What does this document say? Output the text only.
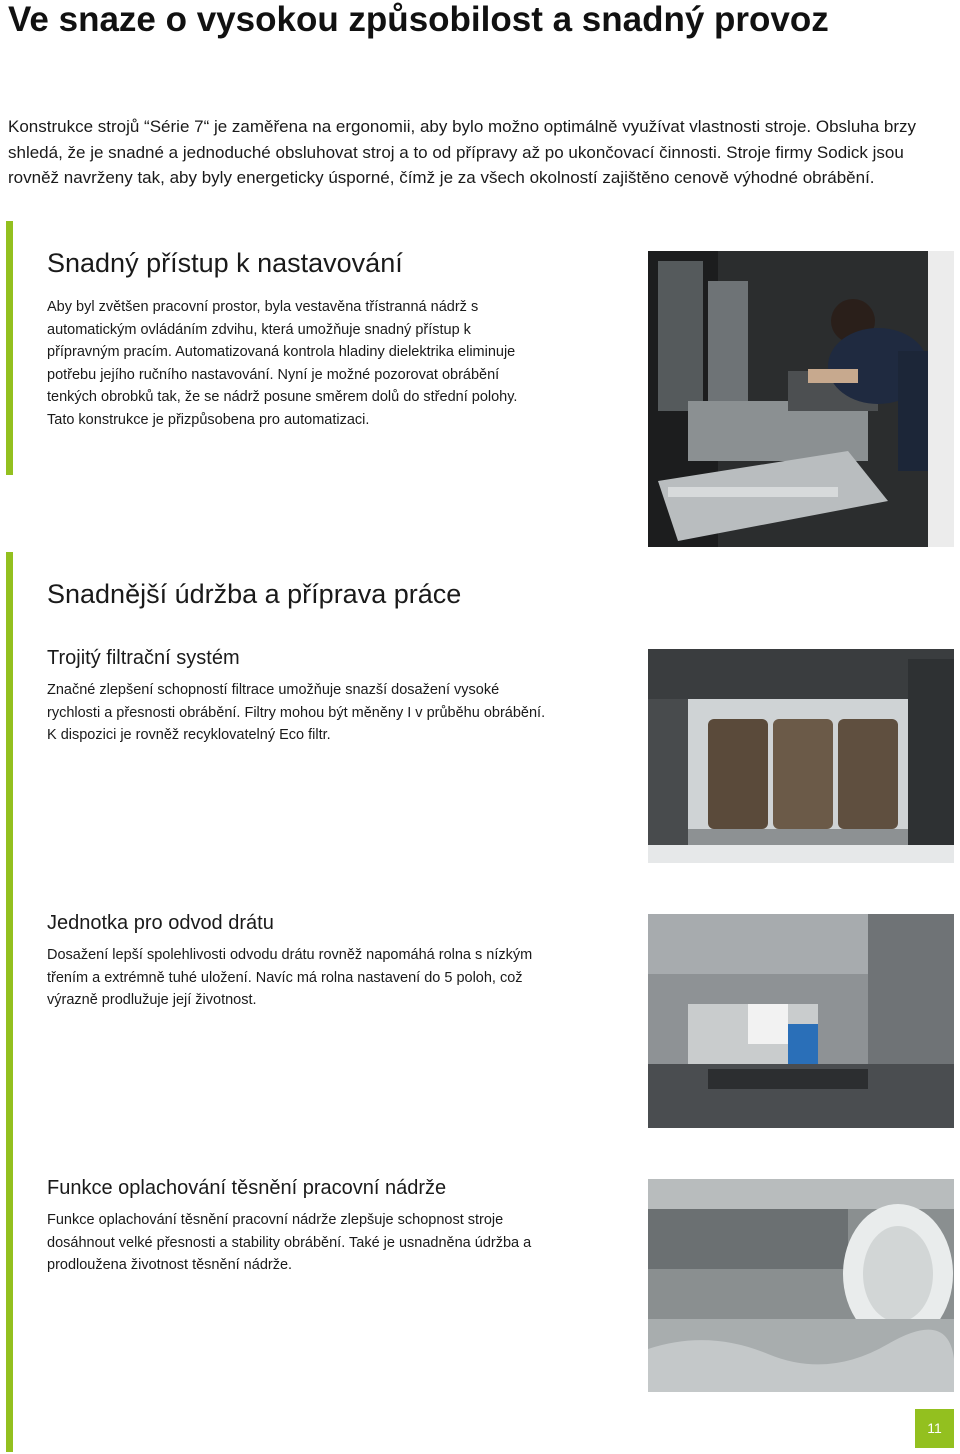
Ve snaze o vysokou způsobilost a snadný provoz

Konstrukce strojů “Série 7“ je zaměřena na ergonomii, aby bylo možno optimálně využívat vlastnosti stroje. Obsluha brzy shledá, že je snadné a jednoduché obsluhovat stroj a to od přípravy až po ukončovací činnosti. Stroje firmy Sodick jsou rovněž navrženy tak, aby byly energeticky úsporné, čímž je za všech okolností zajištěno cenově výhodné obrábění.

Snadný přístup k nastavování

Aby byl zvětšen pracovní prostor, byla vestavěna třístranná nádrž s automatickým ovládáním zdvihu, která umožňuje snadný přístup k přípravným pracím. Automatizovaná kontrola hladiny dielektrika eliminuje potřebu jejího ručního nastavování. Nyní je možné pozorovat obrábění tenkých obrobků tak, že se nádrž posune směrem dolů do střední polohy. Tato konstrukce je přizpůsobena pro automatizaci.

Snadnější údržba a příprava práce
Trojitý filtrační systém

Značné zlepšení schopností filtrace umožňuje snazší dosažení vysoké rychlosti a přesnosti obrábění. Filtry mohou být měněny I v průběhu obrábění. K dispozici je rovněž recyklovatelný Eco filtr.

Jednotka pro odvod drátu

Dosažení lepší spolehlivosti odvodu drátu rovněž napomáhá rolna s nízkým třením a extrémně tuhé uložení. Navíc má rolna nastavení do 5 poloh, což výrazně prodlužuje její životnost.

Funkce oplachování těsnění pracovní nádrže

Funkce oplachování těsnění pracovní nádrže zlepšuje schopnost stroje dosáhnout velké přesnosti a stability obrábění. Také je usnadněna údržba a prodloužena životnost těsnění nádrže.

11
